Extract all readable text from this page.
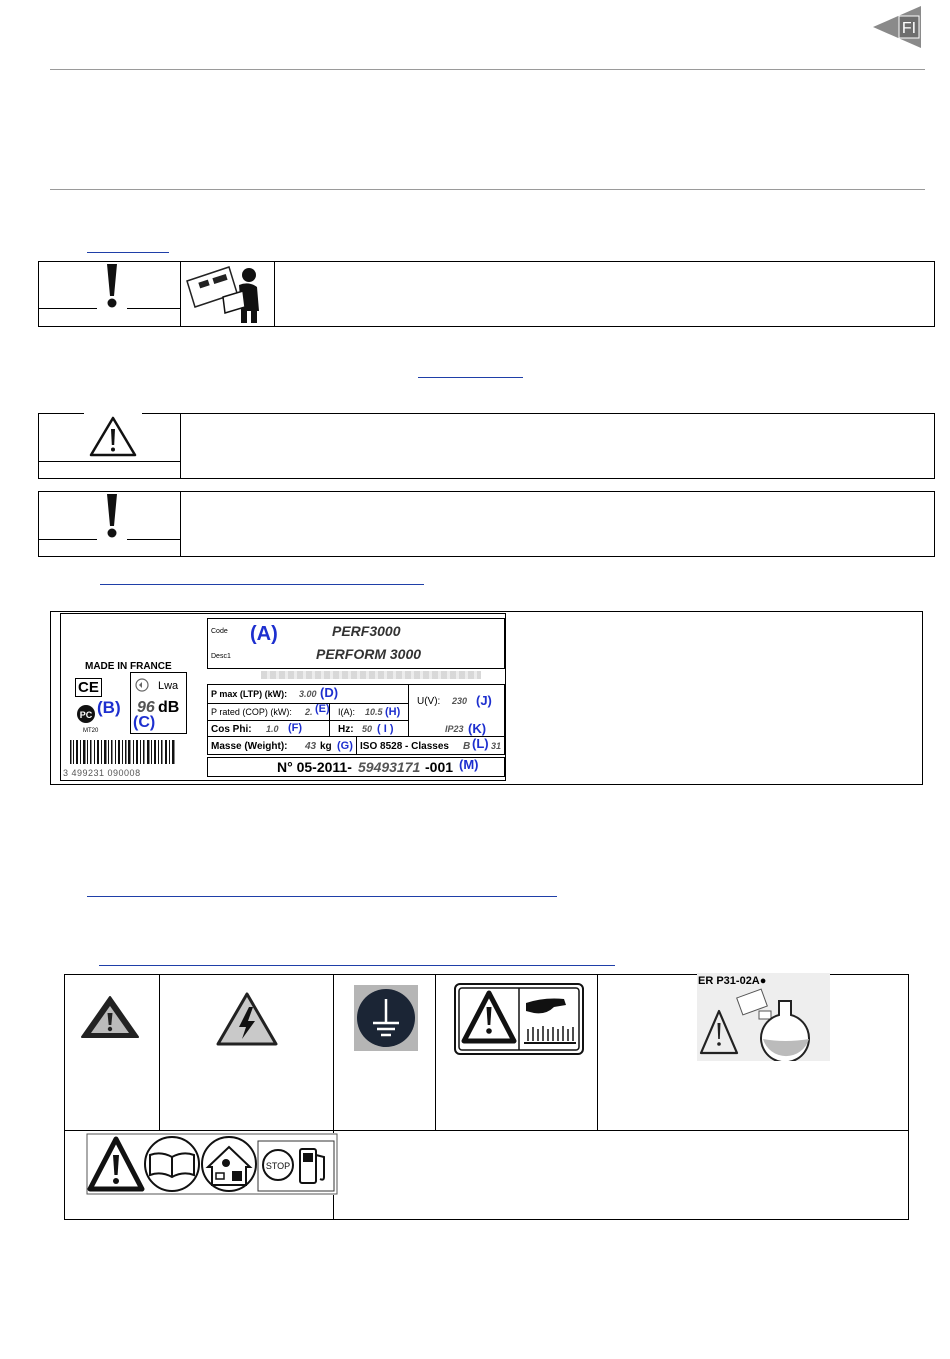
FI
MADE IN FRANCE
CE
PC (B)
MT20
Lwa
96 dB
(C)
3 499231 090008
Code (A)	PERF3000
Desc1	PERFORM 3000
P max (LTP) (kW): 3.00 (D)
U(V): 230 (J)
P rated (COP) (kW): 2. (E) I(A): 10.5 (H)
Cos Phi: 1.0 (F)	Hz: 50 ( I )	IP23 (K)
Masse (Weight): 43 kg (G) ISO 8528 - Classes B (L) 31
N° 05-2011- 59493171 -001 (M)
ER P31-02A●
STOP
